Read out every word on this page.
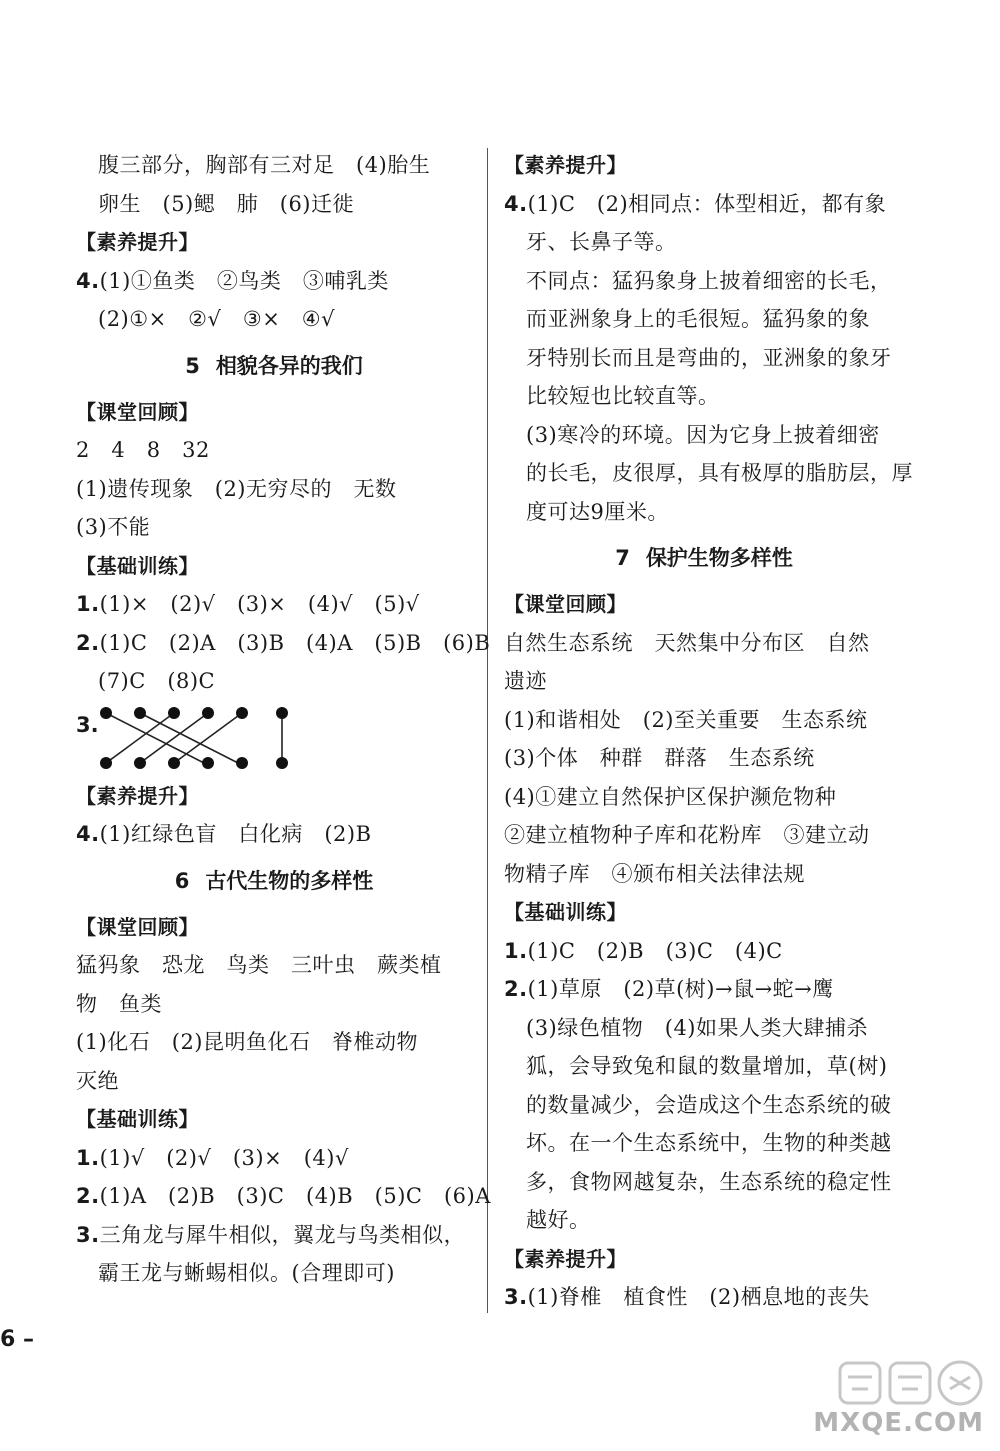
腹三部分，胸部有三对足　(4)胎生
卵生　(5)鳃　肺　(6)迁徙
【素养提升】
4.(1)①鱼类　②鸟类　③哺乳类
(2)①×　②√　③×　④√
5 相貌各异的我们
【课堂回顾】
2　4　8　32
(1)遗传现象　(2)无穷尽的　无数
(3)不能
【基础训练】
1.(1)×　(2)√　(3)×　(4)√　(5)√
2.(1)C　(2)A　(3)B　(4)A　(5)B　(6)B
(7)C　(8)C
3.
【素养提升】
4.(1)红绿色盲　白化病　(2)B
6 古代生物的多样性
【课堂回顾】
猛犸象　恐龙　鸟类　三叶虫　蕨类植
物　鱼类
(1)化石　(2)昆明鱼化石　脊椎动物
灭绝
【基础训练】
1.(1)√　(2)√　(3)×　(4)√
2.(1)A　(2)B　(3)C　(4)B　(5)C　(6)A
3.三角龙与犀牛相似，翼龙与鸟类相似，
霸王龙与蜥蜴相似。(合理即可)
【素养提升】
4.(1)C　(2)相同点：体型相近，都有象
牙、长鼻子等。
不同点：猛犸象身上披着细密的长毛，
而亚洲象身上的毛很短。猛犸象的象
牙特别长而且是弯曲的，亚洲象的象牙
比较短也比较直等。
(3)寒冷的环境。因为它身上披着细密
的长毛，皮很厚，具有极厚的脂肪层，厚
度可达9厘米。
7 保护生物多样性
【课堂回顾】
自然生态系统　天然集中分布区　自然
遗迹
(1)和谐相处　(2)至关重要　生态系统
(3)个体　种群　群落　生态系统
(4)①建立自然保护区保护濒危物种
②建立植物种子库和花粉库　③建立动
物精子库　④颁布相关法律法规
【基础训练】
1.(1)C　(2)B　(3)C　(4)C
2.(1)草原　(2)草(树)→鼠→蛇→鹰
(3)绿色植物　(4)如果人类大肆捕杀
狐，会导致兔和鼠的数量增加，草(树)
的数量减少，会造成这个生态系统的破
坏。在一个生态系统中，生物的种类越
多，食物网越复杂，生态系统的稳定性
越好。
【素养提升】
3.(1)脊椎　植食性　(2)栖息地的丧失
6 –
MXQE.COM
